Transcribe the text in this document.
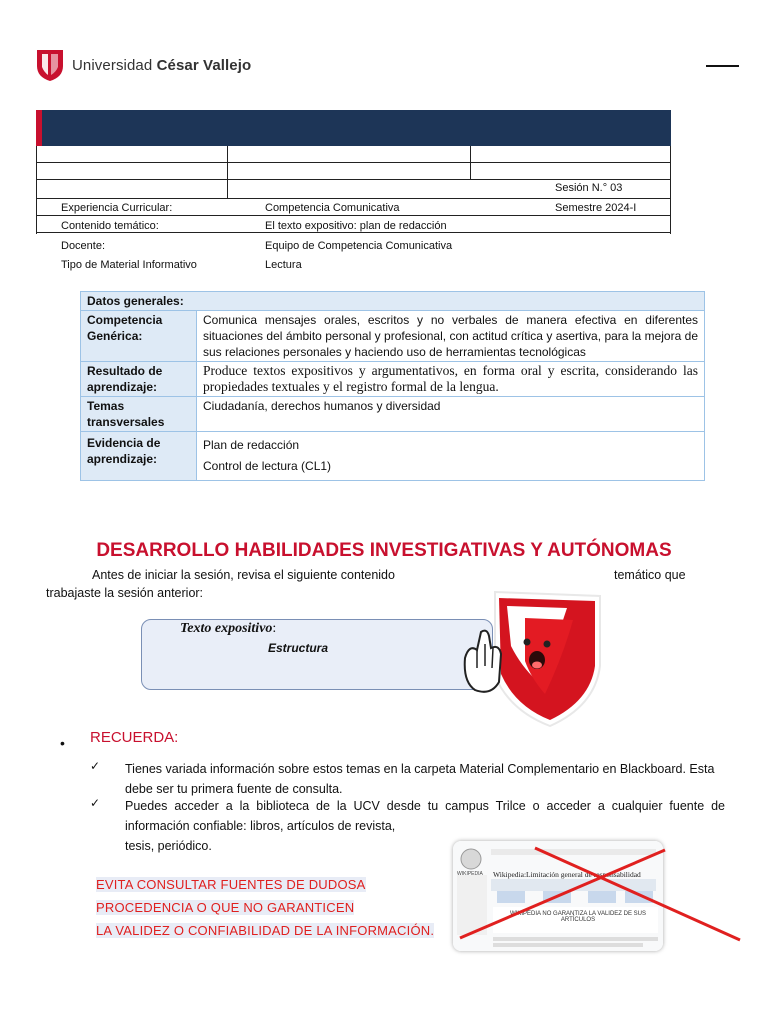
Universidad César Vallejo
Sesión N.° 03
Experiencia Curricular:	Competencia Comunicativa	Semestre 2024-I
Contenido temático:	El texto expositivo: plan de redacción
Docente:	Equipo de Competencia Comunicativa
Tipo de Material Informativo	Lectura
Datos generales:	
Competencia Genérica:	Comunica mensajes orales, escritos y no verbales de manera efectiva en diferentes situaciones del ámbito personal y profesional, con actitud crítica y asertiva, para la mejora de sus relaciones personales y haciendo uso de herramientas tecnológicas
Resultado de aprendizaje:	Produce textos expositivos y argumentativos, en forma oral y escrita, considerando las propiedades textuales y el registro formal de la lengua.
Temas transversales	Ciudadanía, derechos humanos y diversidad
Evidencia de aprendizaje:	Plan de redacción
Control de lectura (CL1)
DESARROLLO HABILIDADES INVESTIGATIVAS Y AUTÓNOMAS
Antes de iniciar la sesión, revisa el siguiente contenido	temático que
trabajaste la sesión anterior:
Texto expositivo:
Estructura
• RECUERDA:
✓ Tienes variada información sobre estos temas en la carpeta Material Complementario en Blackboard. Esta
debe ser tu primera fuente de consulta.
✓ Puedes acceder a la biblioteca de la UCV desde tu campus Trilce o acceder a cualquier fuente de
información confiable: libros, artículos de revista,
tesis, periódico.
EVITA CONSULTAR FUENTES DE DUDOSA
PROCEDENCIA O QUE NO GARANTICEN
LA VALIDEZ O CONFIABILIDAD DE LA INFORMACIÓN.
WIKIPEDIA Wikipedia:Limitación general de responsabilidad
WIKIPEDIA NO GARANTIZA LA VALIDEZ DE SUS ARTÍCULOS
